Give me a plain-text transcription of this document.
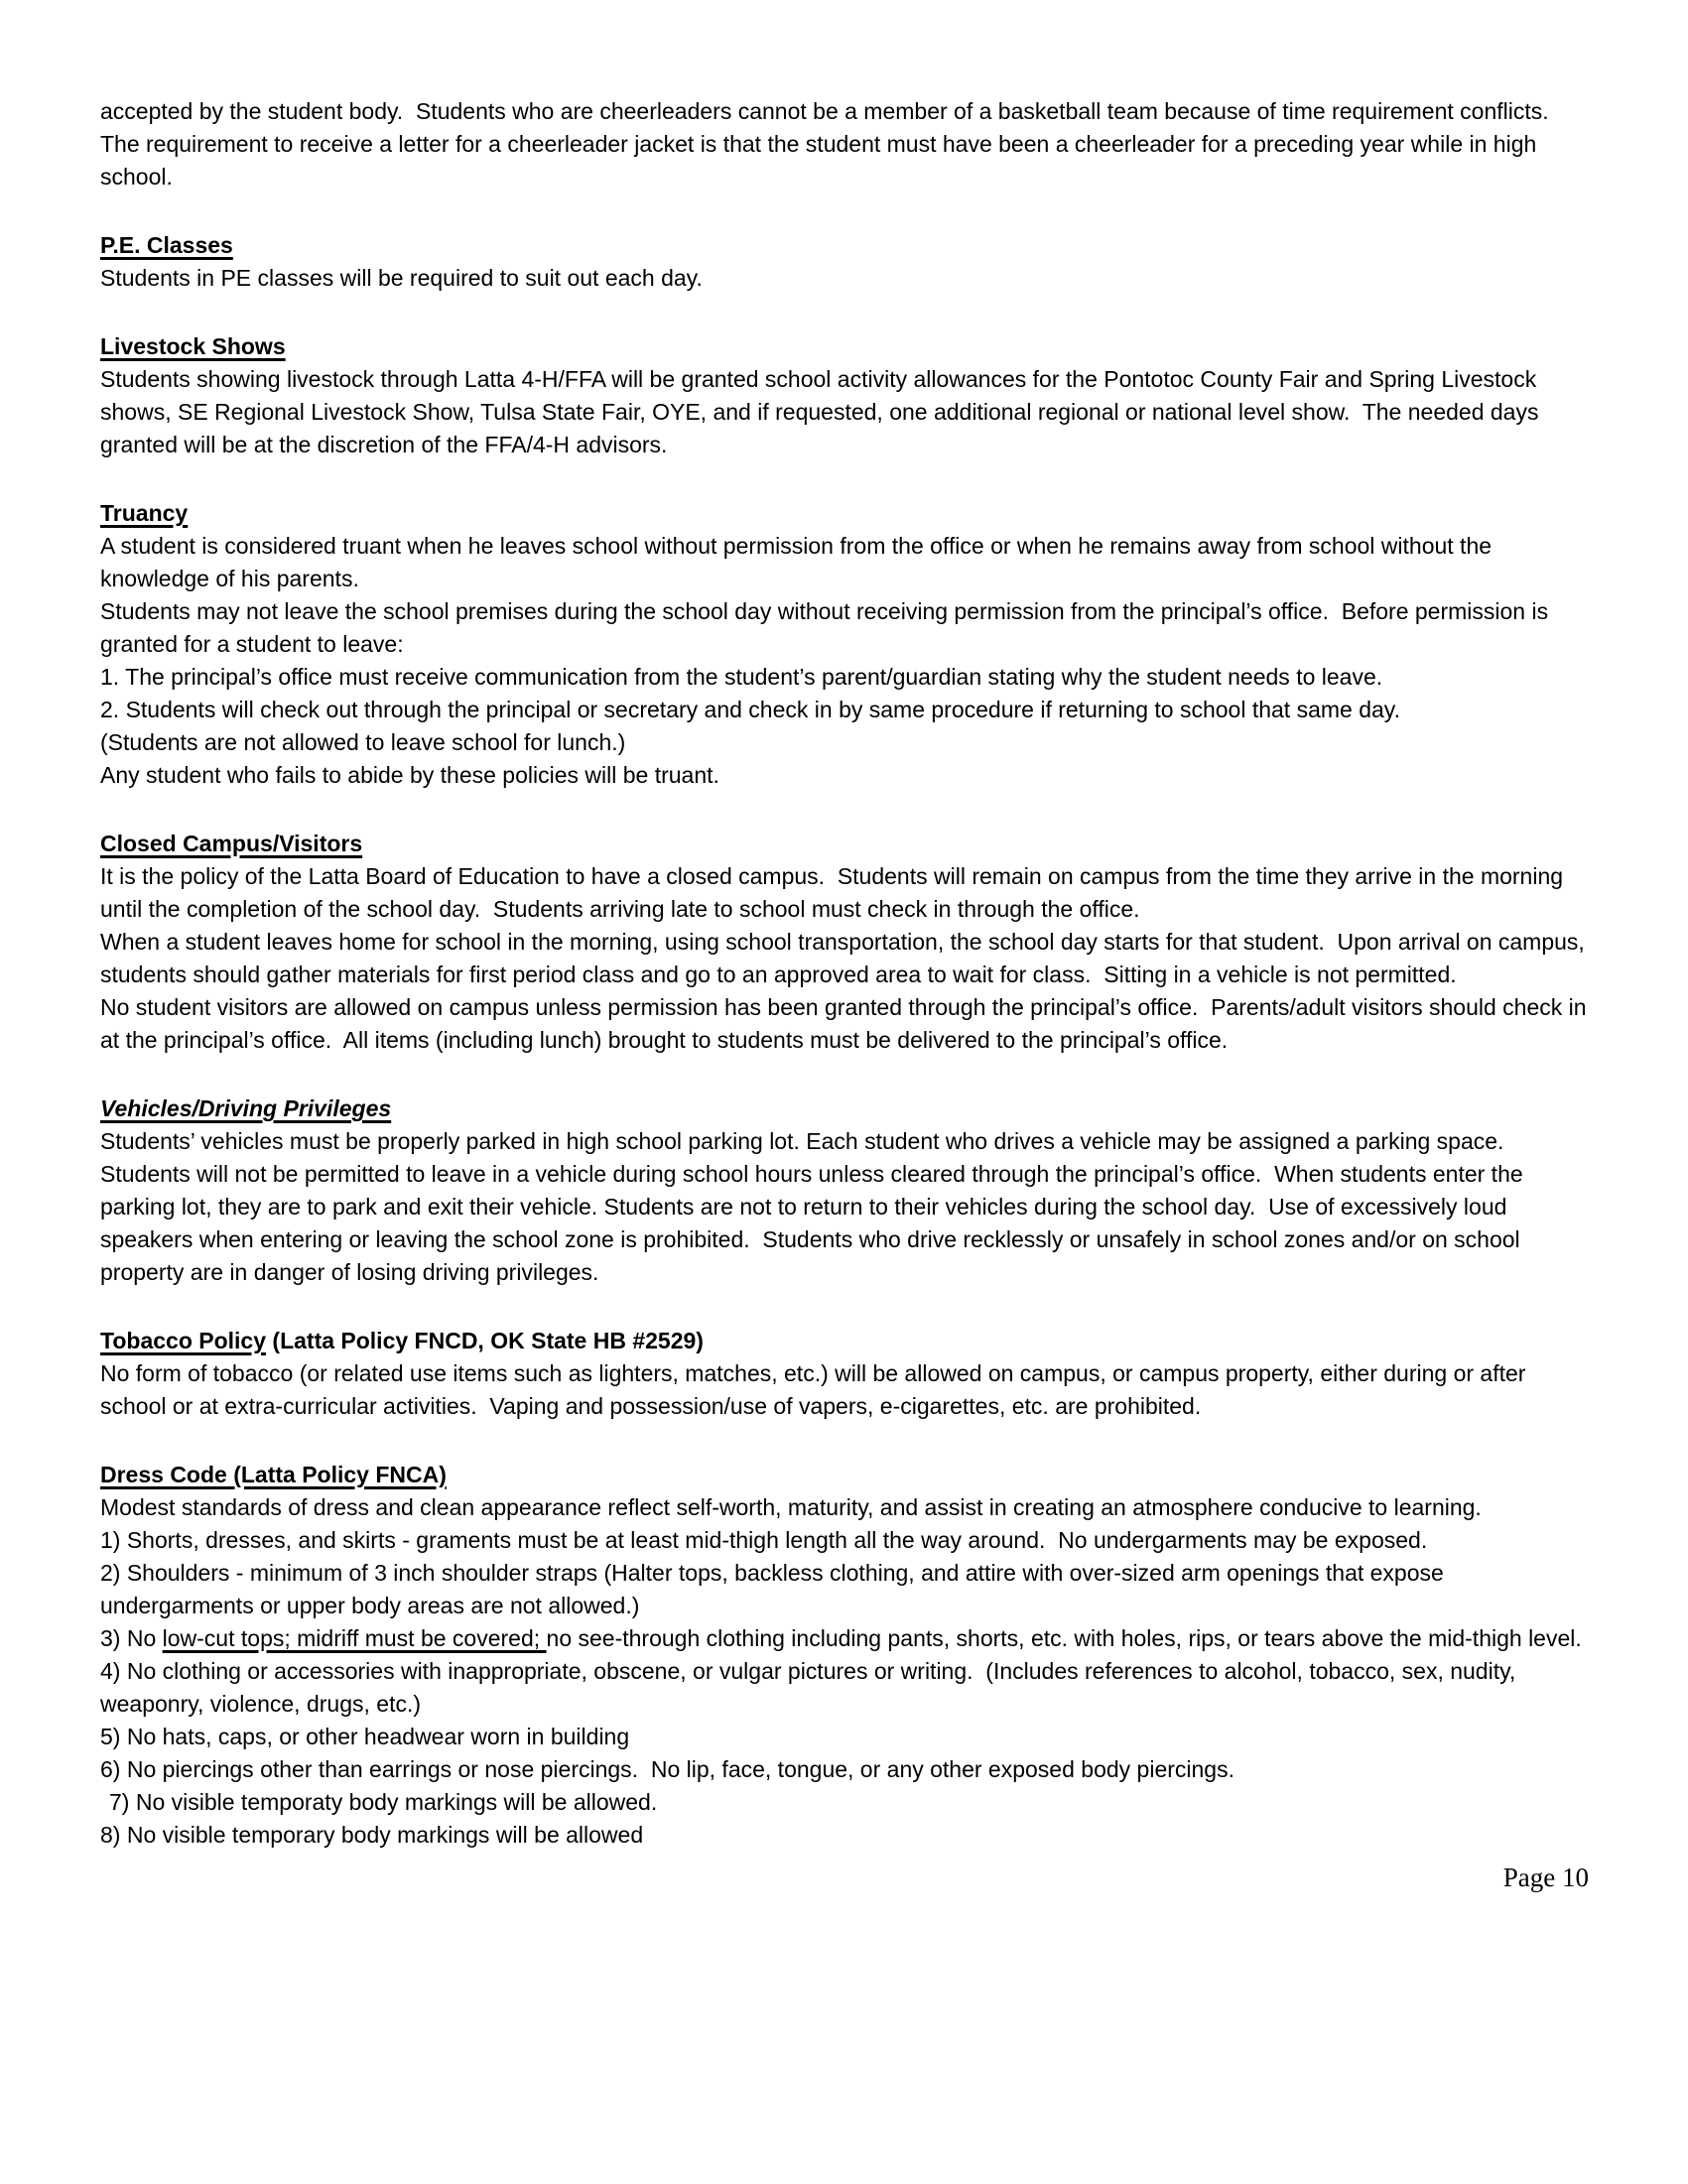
accepted by the student body.  Students who are cheerleaders cannot be a member of a basketball team because of time requirement conflicts.  The requirement to receive a letter for a cheerleader jacket is that the student must have been a cheerleader for a preceding year while in high school.

P.E. Classes

Students in PE classes will be required to suit out each day.

Livestock Shows

Students showing livestock through Latta 4-H/FFA will be granted school activity allowances for the Pontotoc County Fair and Spring Livestock shows, SE Regional Livestock Show, Tulsa State Fair, OYE, and if requested, one additional regional or national level show.  The needed days granted will be at the discretion of the FFA/4-H advisors.

Truancy

A student is considered truant when he leaves school without permission from the office or when he remains away from school without the knowledge of his parents.

Students may not leave the school premises during the school day without receiving permission from the principal’s office.  Before permission is granted for a student to leave:

1. The principal’s office must receive communication from the student’s parent/guardian stating why the student needs to leave.

2. Students will check out through the principal or secretary and check in by same procedure if returning to school that same day.

(Students are not allowed to leave school for lunch.)

Any student who fails to abide by these policies will be truant.

Closed Campus/Visitors

It is the policy of the Latta Board of Education to have a closed campus.  Students will remain on campus from the time they arrive in the morning until the completion of the school day.  Students arriving late to school must check in through the office.

When a student leaves home for school in the morning, using school transportation, the school day starts for that student.  Upon arrival on campus, students should gather materials for first period class and go to an approved area to wait for class.  Sitting in a vehicle is not permitted.

No student visitors are allowed on campus unless permission has been granted through the principal’s office.  Parents/adult visitors should check in at the principal’s office.  All items (including lunch) brought to students must be delivered to the principal’s office.

Vehicles/Driving Privileges

Students’ vehicles must be properly parked in high school parking lot. Each student who drives a vehicle may be assigned a parking space.  Students will not be permitted to leave in a vehicle during school hours unless cleared through the principal’s office.  When students enter the parking lot, they are to park and exit their vehicle. Students are not to return to their vehicles during the school day.  Use of excessively loud speakers when entering or leaving the school zone is prohibited.  Students who drive recklessly or unsafely in school zones and/or on school property are in danger of losing driving privileges.

Tobacco Policy (Latta Policy FNCD, OK State HB #2529)

No form of tobacco (or related use items such as lighters, matches, etc.) will be allowed on campus, or campus property, either during or after school or at extra-curricular activities.  Vaping and possession/use of vapers, e-cigarettes, etc. are prohibited.

Dress Code (Latta Policy FNCA)

Modest standards of dress and clean appearance reflect self-worth, maturity, and assist in creating an atmosphere conducive to learning.

1) Shorts, dresses, and skirts - graments must be at least mid-thigh length all the way around.  No undergarments may be exposed.

2) Shoulders - minimum of 3 inch shoulder straps (Halter tops, backless clothing, and attire with over-sized arm openings that expose undergarments or upper body areas are not allowed.)

3) No low-cut tops; midriff must be covered; no see-through clothing including pants, shorts, etc. with holes, rips, or tears above the mid-thigh level.

4) No clothing or accessories with inappropriate, obscene, or vulgar pictures or writing.  (Includes references to alcohol, tobacco, sex, nudity, weaponry, violence, drugs, etc.)

5) No hats, caps, or other headwear worn in building

6) No piercings other than earrings or nose piercings.  No lip, face, tongue, or any other exposed body piercings.

7) No visible temporaty body markings will be allowed.

8) No visible temporary body markings will be allowed

Page 10
